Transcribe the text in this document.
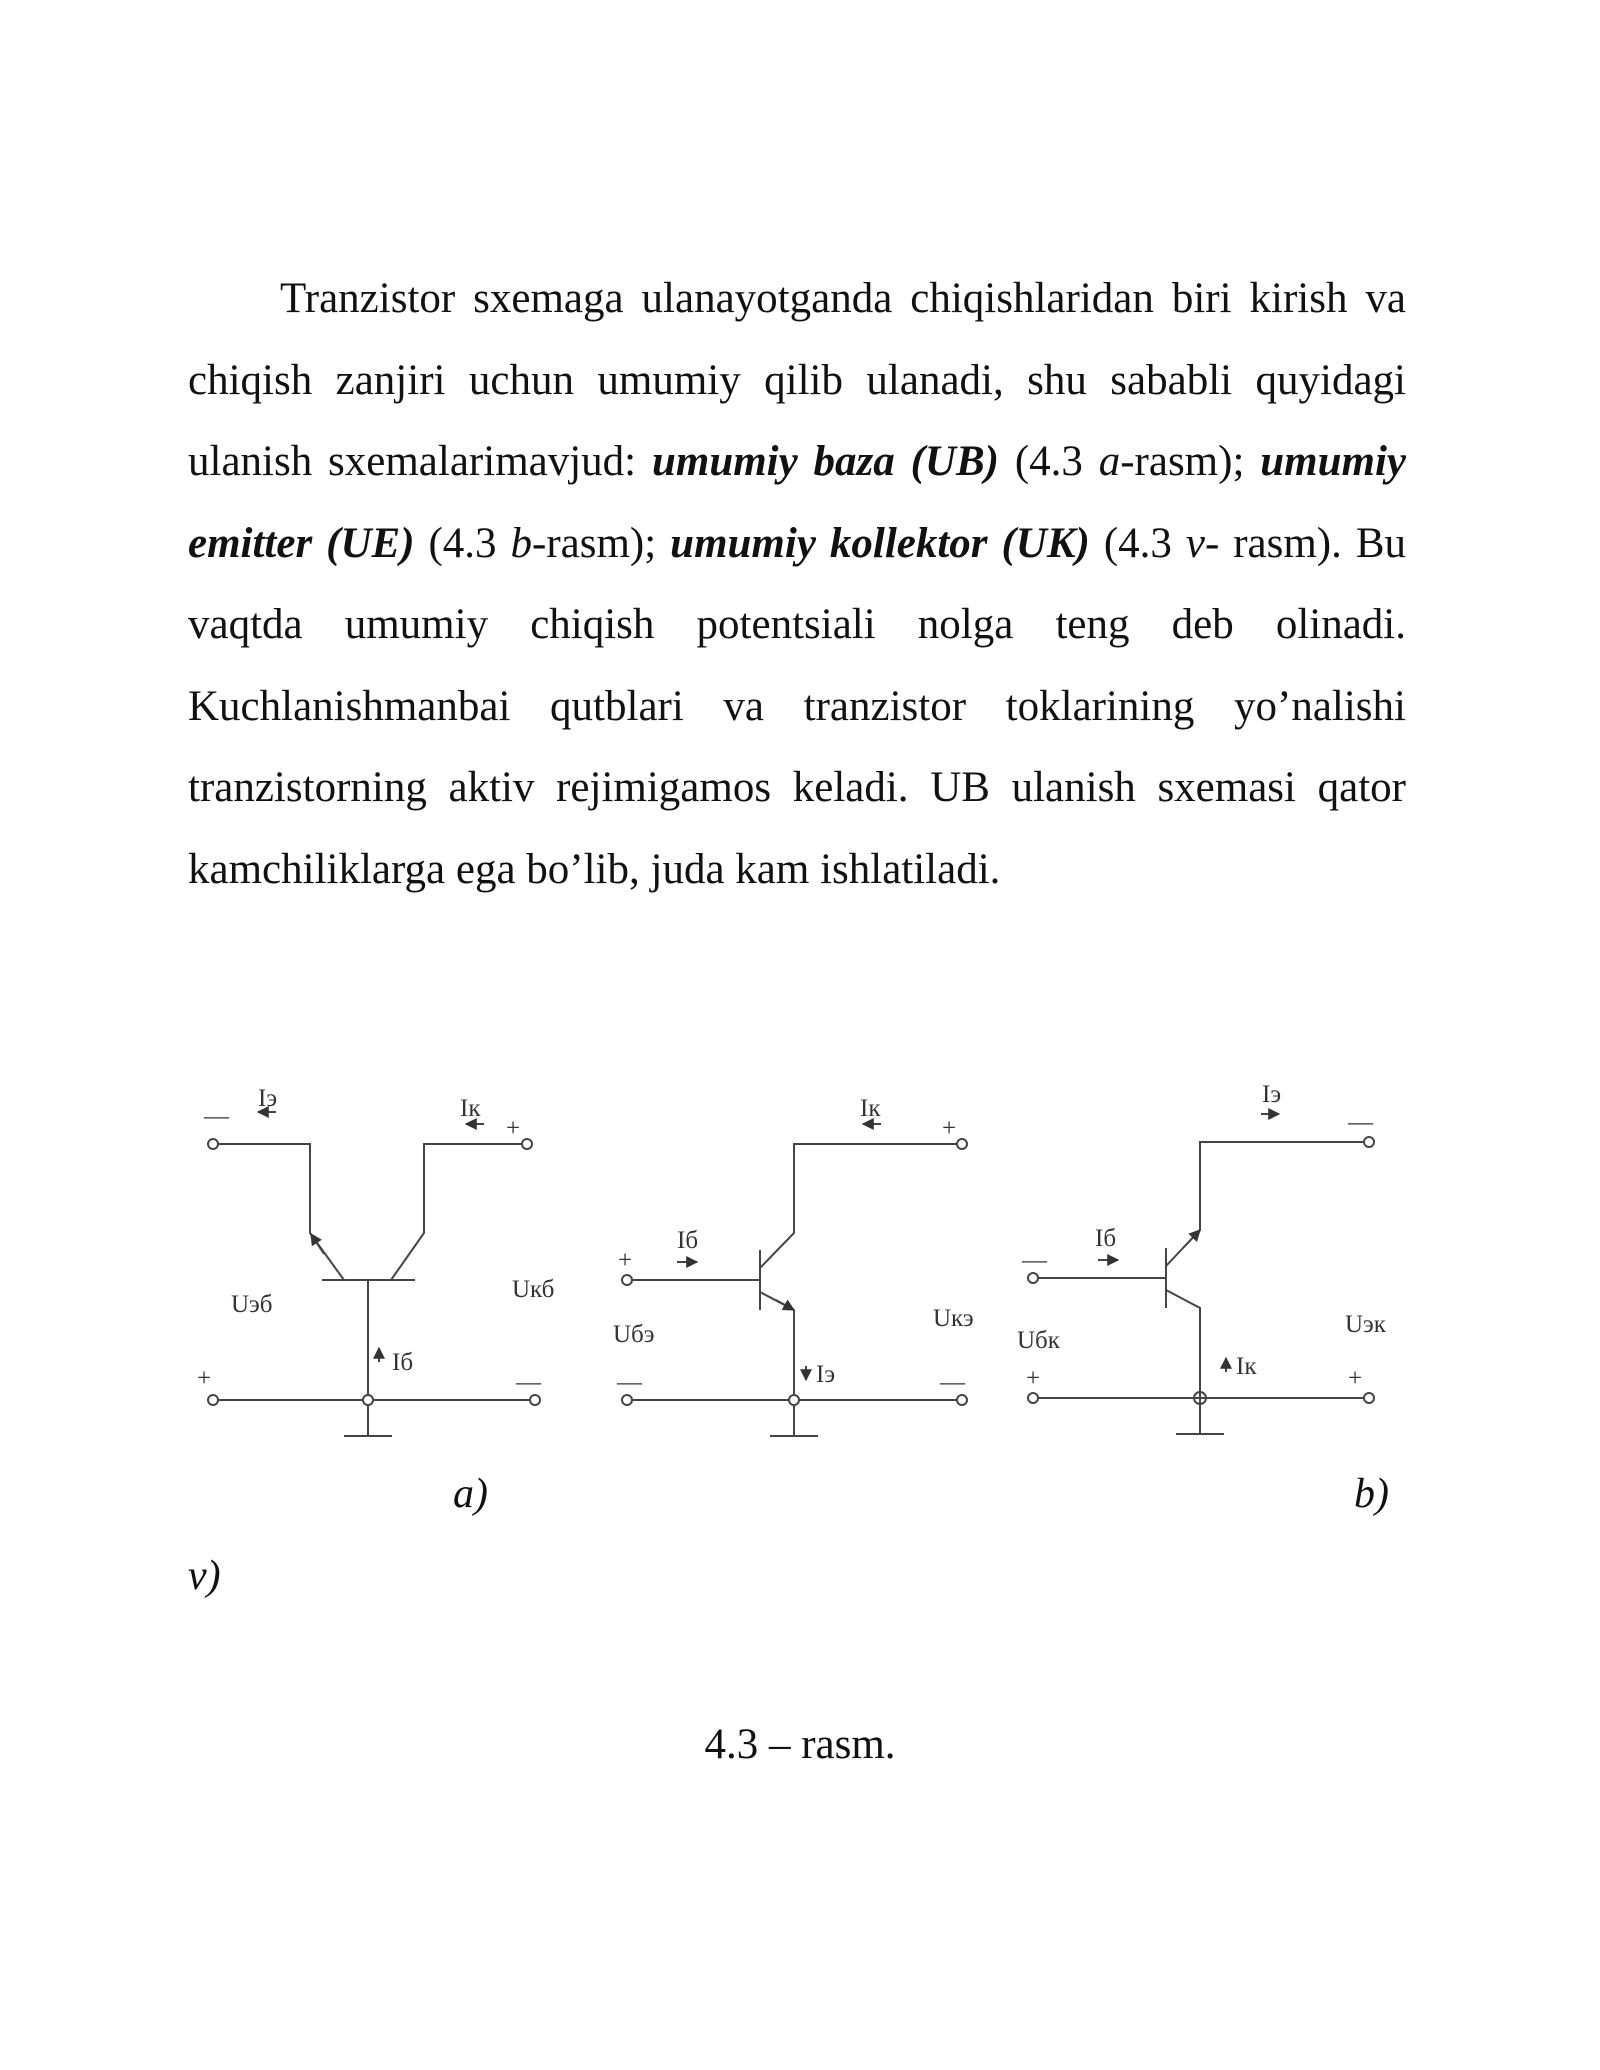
Tranzistor sxemaga ulanayotganda chiqishlaridan biri kirish va chiqish zanjiri uchun umumiy qilib ulanadi, shu sababli quyidagi ulanish sxemalarimavjud: umumiy baza (UB) (4.3 a-rasm); umumiy emitter (UE) (4.3 b-rasm); umumiy kollektor (UK) (4.3 v- rasm). Bu vaqtda umumiy chiqish potentsiali nolga teng deb olinadi. Kuchlanishmanbai qutblari va tranzistor toklarining yo’nalishi tranzistorning aktiv rejimigamos keladi. UB ulanish sxemasi qator kamchiliklarga ega bo’lib, juda kam ishlatiladi.

Iэ	Iк
Iб
Uэб
Uкб
—	+
+	—
Iб
Iк
Iэ
Uбэ
Uкэ
+
+
—	—
Iэ
Iб
Iк
Uбк
Uэк
—
—
+	+
a)	b)
v)
4.3 – rasm.
